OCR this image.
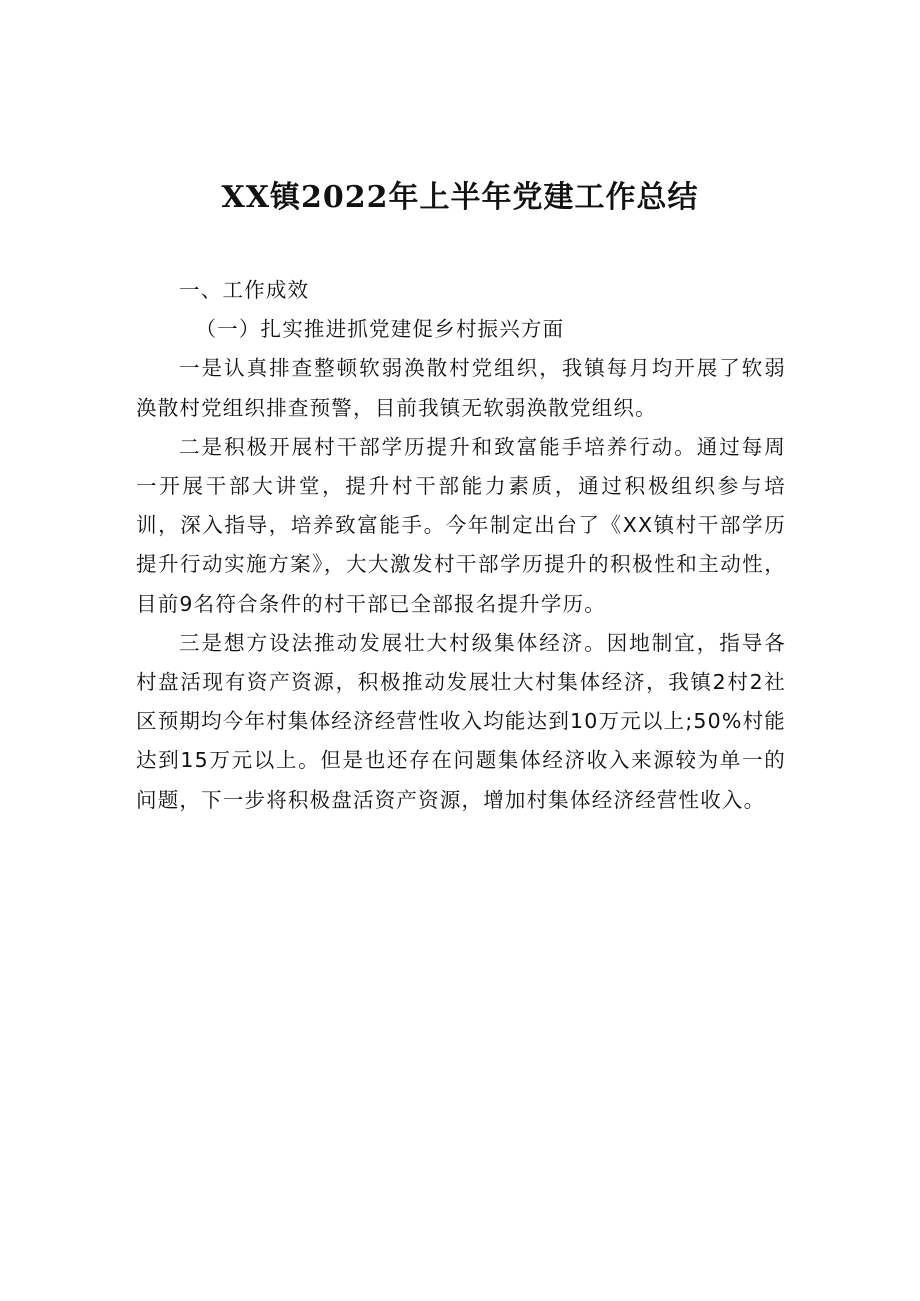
XX镇2022年上半年党建工作总结

一、工作成效

（一）扎实推进抓党建促乡村振兴方面

一是认真排查整顿软弱涣散村党组织，我镇每月均开展了软弱涣散村党组织排查预警，目前我镇无软弱涣散党组织。

二是积极开展村干部学历提升和致富能手培养行动。通过每周一开展干部大讲堂，提升村干部能力素质，通过积极组织参与培训，深入指导，培养致富能手。今年制定出台了《XX镇村干部学历提升行动实施方案》，大大激发村干部学历提升的积极性和主动性，目前9名符合条件的村干部已全部报名提升学历。

三是想方设法推动发展壮大村级集体经济。因地制宜，指导各村盘活现有资产资源，积极推动发展壮大村集体经济，我镇2村2社区预期均今年村集体经济经营性收入均能达到10万元以上;50%村能达到15万元以上。但是也还存在问题集体经济收入来源较为单一的问题，下一步将积极盘活资产资源，增加村集体经济经营性收入。
